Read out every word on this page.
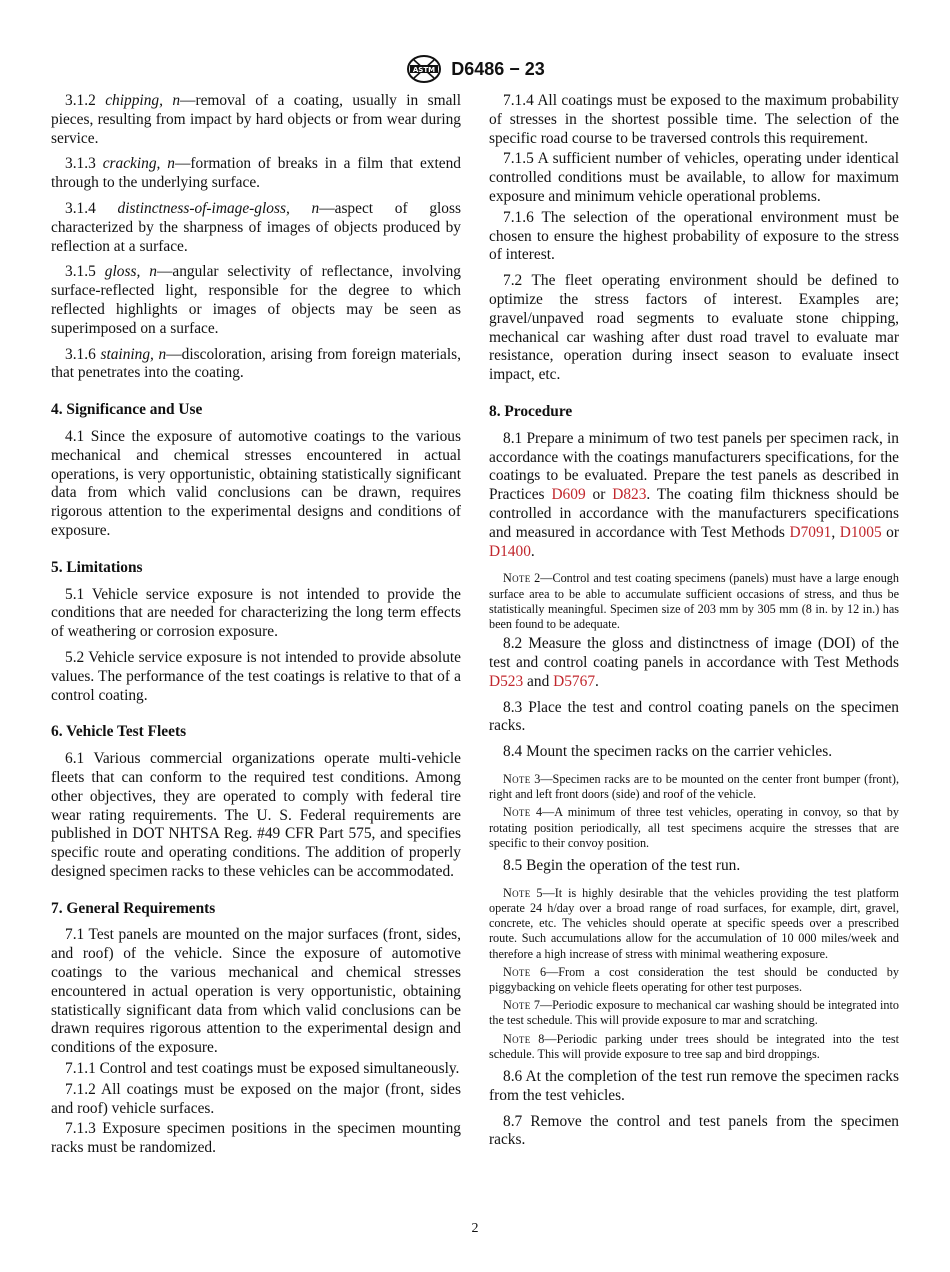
ASTM D6486 − 23

3.1.2 chipping, n—removal of a coating, usually in small pieces, resulting from impact by hard objects or from wear during service.

3.1.3 cracking, n—formation of breaks in a film that extend through to the underlying surface.

3.1.4 distinctness-of-image-gloss, n—aspect of gloss characterized by the sharpness of images of objects produced by reflection at a surface.

3.1.5 gloss, n—angular selectivity of reflectance, involving surface-reflected light, responsible for the degree to which reflected highlights or images of objects may be seen as superimposed on a surface.

3.1.6 staining, n—discoloration, arising from foreign materials, that penetrates into the coating.

4. Significance and Use

4.1 Since the exposure of automotive coatings to the various mechanical and chemical stresses encountered in actual operations, is very opportunistic, obtaining statistically significant data from which valid conclusions can be drawn, requires rigorous attention to the experimental designs and conditions of exposure.

5. Limitations

5.1 Vehicle service exposure is not intended to provide the conditions that are needed for characterizing the long term effects of weathering or corrosion exposure.

5.2 Vehicle service exposure is not intended to provide absolute values. The performance of the test coatings is relative to that of a control coating.

6. Vehicle Test Fleets

6.1 Various commercial organizations operate multi-vehicle fleets that can conform to the required test conditions. Among other objectives, they are operated to comply with federal tire wear rating requirements. The U. S. Federal requirements are published in DOT NHTSA Reg. #49 CFR Part 575, and specifies specific route and operating conditions. The addition of properly designed specimen racks to these vehicles can be accommodated.

7. General Requirements

7.1 Test panels are mounted on the major surfaces (front, sides, and roof) of the vehicle. Since the exposure of automotive coatings to the various mechanical and chemical stresses encountered in actual operation is very opportunistic, obtaining statistically significant data from which valid conclusions can be drawn requires rigorous attention to the experimental design and conditions of the exposure.

7.1.1 Control and test coatings must be exposed simultaneously.

7.1.2 All coatings must be exposed on the major (front, sides and roof) vehicle surfaces.

7.1.3 Exposure specimen positions in the specimen mounting racks must be randomized.

7.1.4 All coatings must be exposed to the maximum probability of stresses in the shortest possible time. The selection of the specific road course to be traversed controls this requirement.

7.1.5 A sufficient number of vehicles, operating under identical controlled conditions must be available, to allow for maximum exposure and minimum vehicle operational problems.

7.1.6 The selection of the operational environment must be chosen to ensure the highest probability of exposure to the stress of interest.

7.2 The fleet operating environment should be defined to optimize the stress factors of interest. Examples are; gravel/unpaved road segments to evaluate stone chipping, mechanical car washing after dust road travel to evaluate mar resistance, operation during insect season to evaluate insect impact, etc.

8. Procedure

8.1 Prepare a minimum of two test panels per specimen rack, in accordance with the coatings manufacturers specifications, for the coatings to be evaluated. Prepare the test panels as described in Practices D609 or D823. The coating film thickness should be controlled in accordance with the manufacturers specifications and measured in accordance with Test Methods D7091, D1005 or D1400.

Note 2—Control and test coating specimens (panels) must have a large enough surface area to be able to accumulate sufficient occasions of stress, and thus be statistically meaningful. Specimen size of 203 mm by 305 mm (8 in. by 12 in.) has been found to be adequate.

8.2 Measure the gloss and distinctness of image (DOI) of the test and control coating panels in accordance with Test Methods D523 and D5767.

8.3 Place the test and control coating panels on the specimen racks.

8.4 Mount the specimen racks on the carrier vehicles.

Note 3—Specimen racks are to be mounted on the center front bumper (front), right and left front doors (side) and roof of the vehicle.

Note 4—A minimum of three test vehicles, operating in convoy, so that by rotating position periodically, all test specimens acquire the stresses that are specific to their convoy position.

8.5 Begin the operation of the test run.

Note 5—It is highly desirable that the vehicles providing the test platform operate 24 h/day over a broad range of road surfaces, for example, dirt, gravel, concrete, etc. The vehicles should operate at specific speeds over a prescribed route. Such accumulations allow for the accumulation of 10 000 miles/week and therefore a high increase of stress with minimal weathering exposure.

Note 6—From a cost consideration the test should be conducted by piggybacking on vehicle fleets operating for other test purposes.

Note 7—Periodic exposure to mechanical car washing should be integrated into the test schedule. This will provide exposure to mar and scratching.

Note 8—Periodic parking under trees should be integrated into the test schedule. This will provide exposure to tree sap and bird droppings.

8.6 At the completion of the test run remove the specimen racks from the test vehicles.

8.7 Remove the control and test panels from the specimen racks.

2
